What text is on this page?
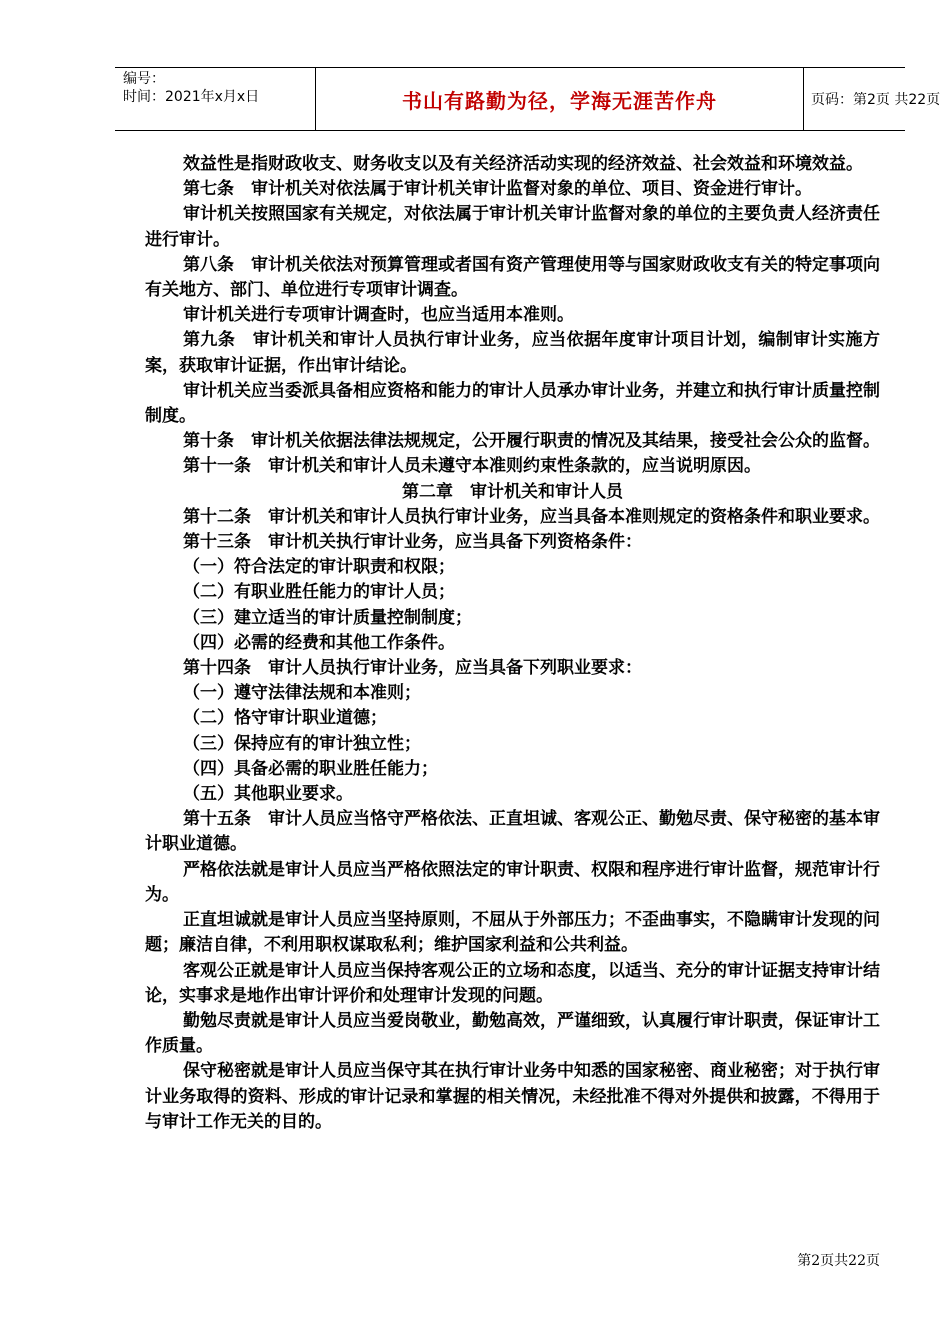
编号：
时间：2021年x月x日	书山有路勤为径，学海无涯苦作舟	页码：第2页 共22页

效益性是指财政收支、财务收支以及有关经济活动实现的经济效益、社会效益和环境效益。

第七条　审计机关对依法属于审计机关审计监督对象的单位、项目、资金进行审计。

审计机关按照国家有关规定，对依法属于审计机关审计监督对象的单位的主要负责人经济责任进行审计。

第八条　审计机关依法对预算管理或者国有资产管理使用等与国家财政收支有关的特定事项向有关地方、部门、单位进行专项审计调查。

审计机关进行专项审计调查时，也应当适用本准则。

第九条　审计机关和审计人员执行审计业务，应当依据年度审计项目计划，编制审计实施方案，获取审计证据，作出审计结论。

审计机关应当委派具备相应资格和能力的审计人员承办审计业务，并建立和执行审计质量控制制度。

第十条　审计机关依据法律法规规定，公开履行职责的情况及其结果，接受社会公众的监督。

第十一条　审计机关和审计人员未遵守本准则约束性条款的，应当说明原因。

第二章　审计机关和审计人员

第十二条　审计机关和审计人员执行审计业务，应当具备本准则规定的资格条件和职业要求。

第十三条　审计机关执行审计业务，应当具备下列资格条件：

（一）符合法定的审计职责和权限；

（二）有职业胜任能力的审计人员；

（三）建立适当的审计质量控制制度；

（四）必需的经费和其他工作条件。

第十四条　审计人员执行审计业务，应当具备下列职业要求：

（一）遵守法律法规和本准则；

（二）恪守审计职业道德；

（三）保持应有的审计独立性；

（四）具备必需的职业胜任能力；

（五）其他职业要求。

第十五条　审计人员应当恪守严格依法、正直坦诚、客观公正、勤勉尽责、保守秘密的基本审计职业道德。

严格依法就是审计人员应当严格依照法定的审计职责、权限和程序进行审计监督，规范审计行为。

正直坦诚就是审计人员应当坚持原则，不屈从于外部压力；不歪曲事实，不隐瞒审计发现的问题；廉洁自律，不利用职权谋取私利；维护国家利益和公共利益。

客观公正就是审计人员应当保持客观公正的立场和态度，以适当、充分的审计证据支持审计结论，实事求是地作出审计评价和处理审计发现的问题。

勤勉尽责就是审计人员应当爱岗敬业，勤勉高效，严谨细致，认真履行审计职责，保证审计工作质量。

保守秘密就是审计人员应当保守其在执行审计业务中知悉的国家秘密、商业秘密；对于执行审计业务取得的资料、形成的审计记录和掌握的相关情况，未经批准不得对外提供和披露，不得用于与审计工作无关的目的。

第2页共22页
